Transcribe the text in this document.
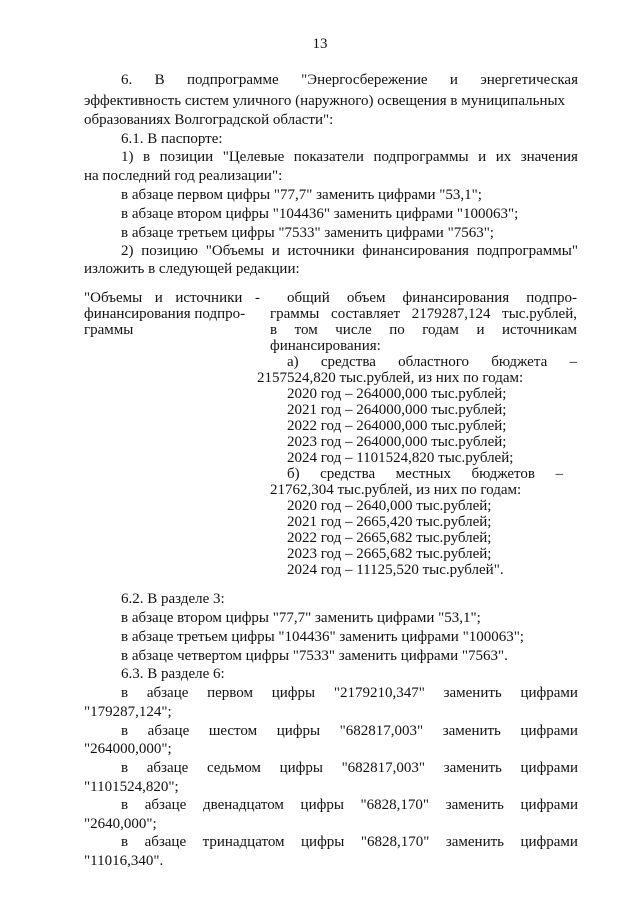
13
6. В подпрограмме "Энергосбережение и энергетическая
эффективность систем уличного (наружного) освещения в муниципальных
образованиях Волгоградской области":
6.1. В паспорте:
1) в позиции "Целевые показатели подпрограммы и их значения
на последний год реализации":
в абзаце первом цифры "77,7" заменить цифрами "53,1";
в абзаце втором цифры "104436" заменить цифрами "100063";
в абзаце третьем цифры "7533" заменить цифрами "7563";
2) позицию "Объемы и источники финансирования подпрограммы"
изложить в следующей редакции:
"Объемы и источники -
финансирования подпро-
граммы
общий объем финансирования подпро-
граммы составляет 2179287,124 тыс.рублей,
в том числе по годам и источникам
финансирования:
а) средства областного бюджета –
2157524,820 тыс.рублей, из них по годам:
2020 год – 264000,000 тыс.рублей;
2021 год – 264000,000 тыс.рублей;
2022 год – 264000,000 тыс.рублей;
2023 год – 264000,000 тыс.рублей;
2024 год – 1101524,820 тыс.рублей;
б) средства местных бюджетов –
21762,304 тыс.рублей, из них по годам:
2020 год – 2640,000 тыс.рублей;
2021 год – 2665,420 тыс.рублей;
2022 год – 2665,682 тыс.рублей;
2023 год – 2665,682 тыс.рублей;
2024 год – 11125,520 тыс.рублей".
6.2. В разделе 3:
в абзаце втором цифры "77,7" заменить цифрами "53,1";
в абзаце третьем цифры "104436" заменить цифрами "100063";
в абзаце четвертом цифры "7533" заменить цифрами "7563".
6.3. В разделе 6:
в абзаце первом цифры "2179210,347" заменить цифрами
"179287,124";
в абзаце шестом цифры "682817,003" заменить цифрами
"264000,000";
в абзаце седьмом цифры "682817,003" заменить цифрами
"1101524,820";
в абзаце двенадцатом цифры "6828,170" заменить цифрами
"2640,000";
в абзаце тринадцатом цифры "6828,170" заменить цифрами
"11016,340".
